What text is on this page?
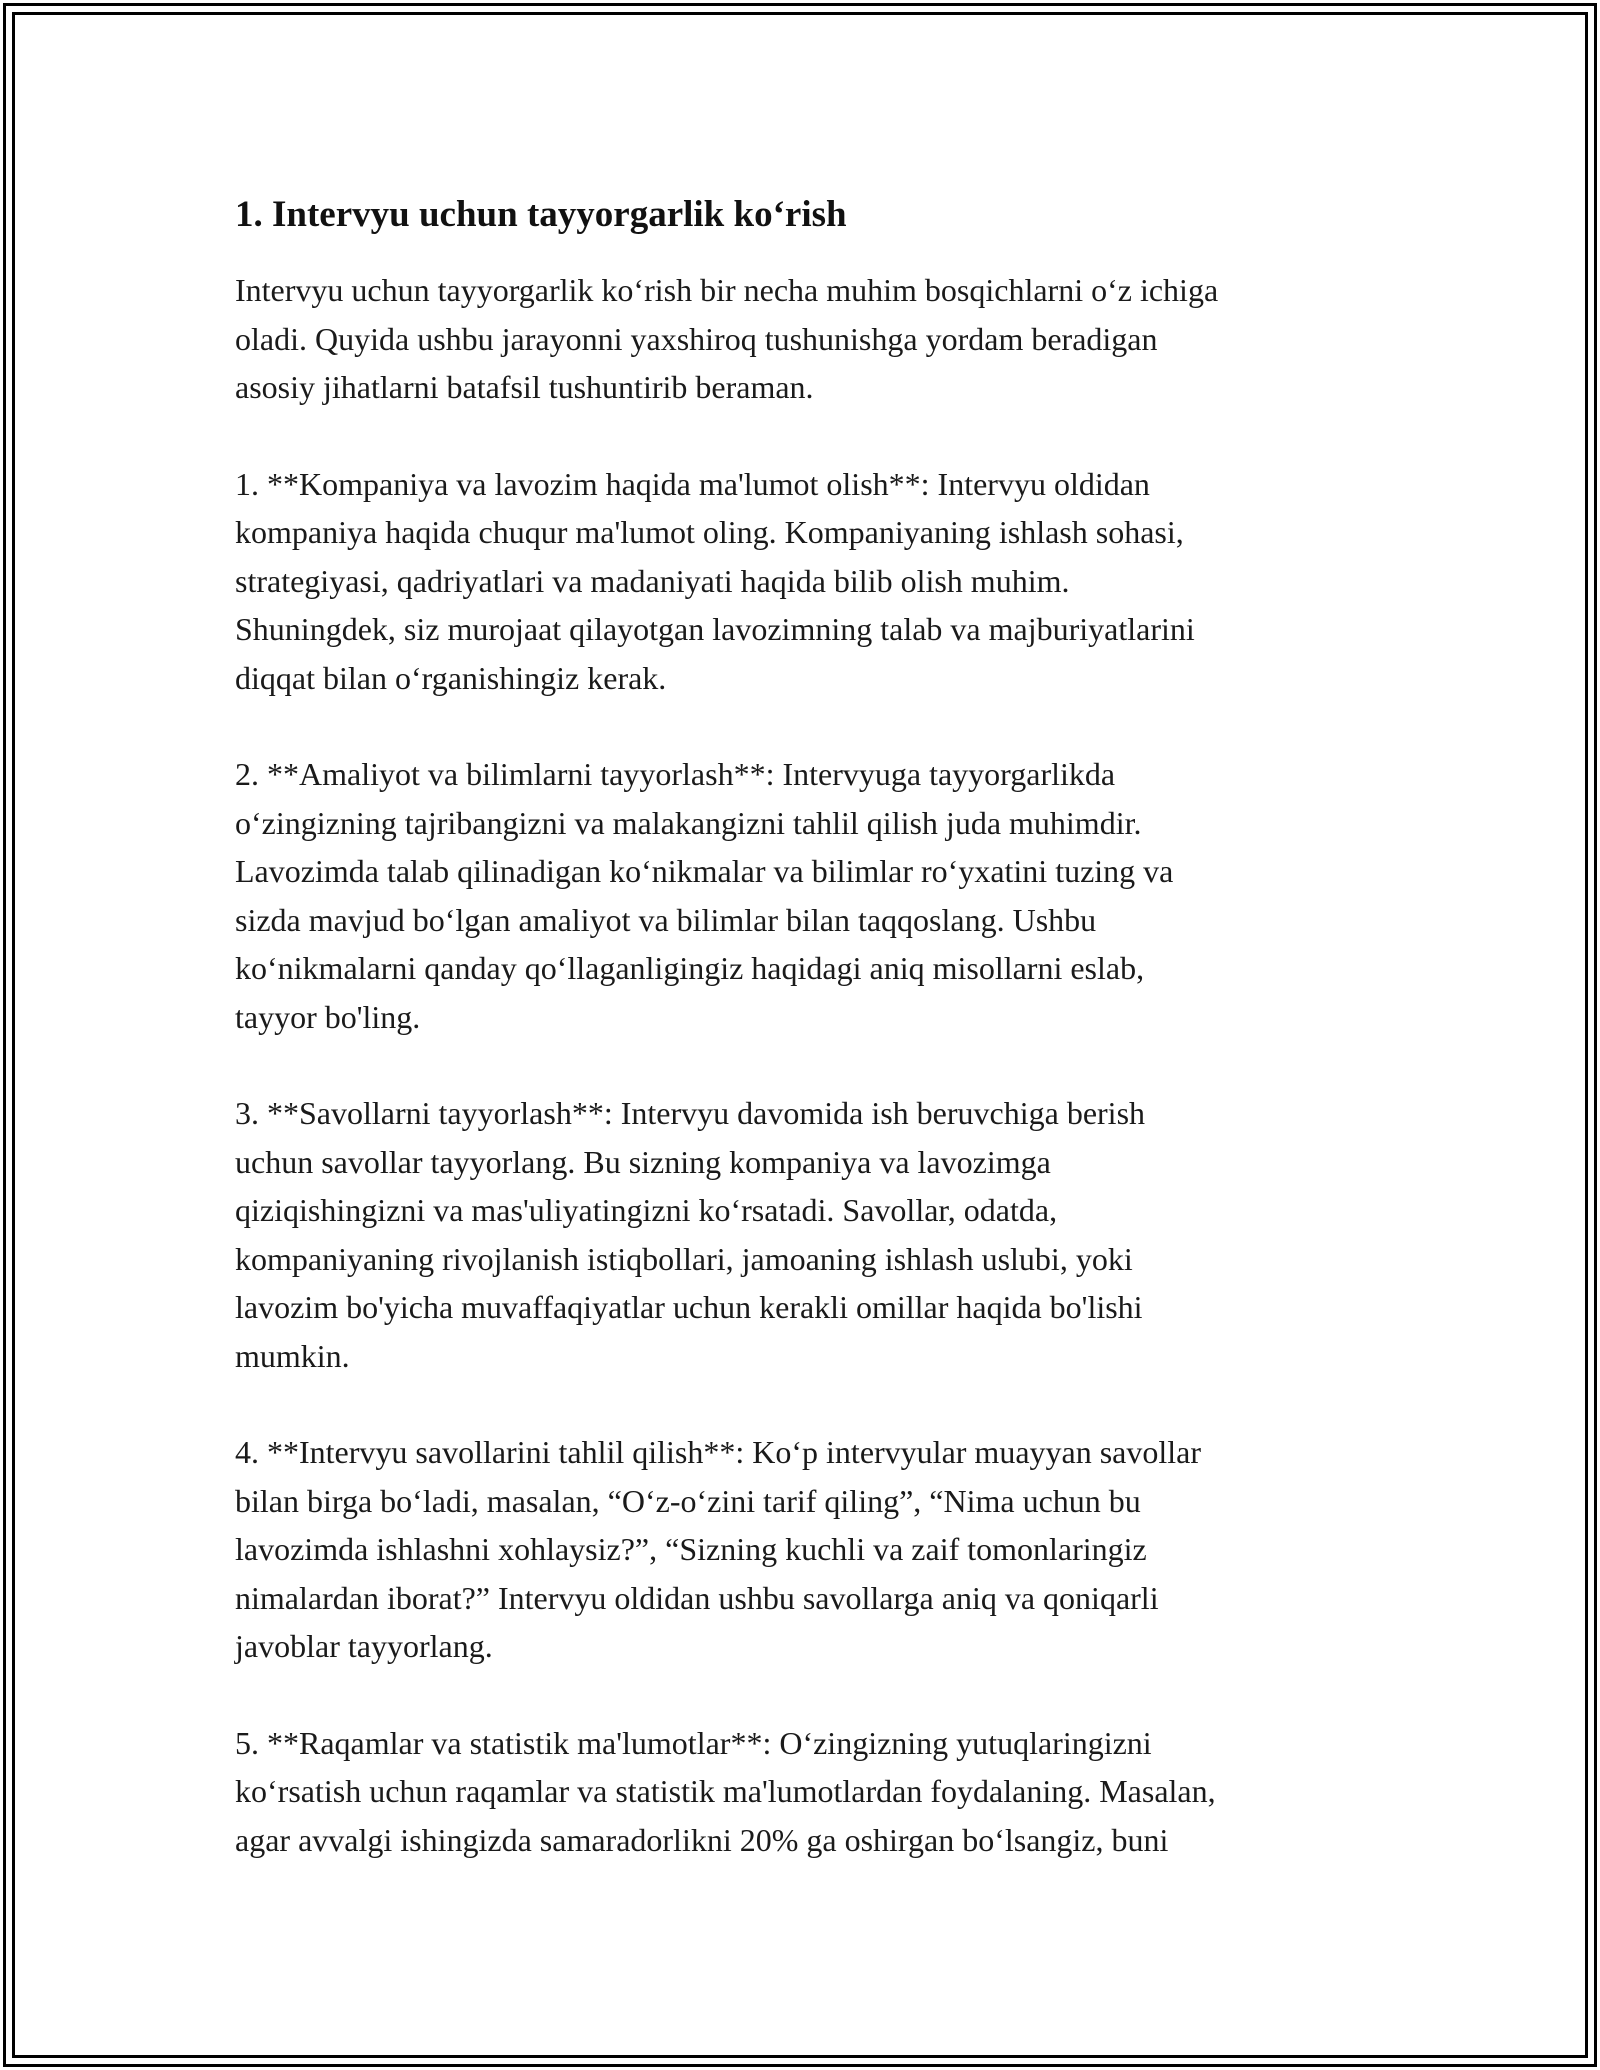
1. Intervyu uchun tayyorgarlik ko‘rish

Intervyu uchun tayyorgarlik ko‘rish bir necha muhim bosqichlarni o‘z ichiga
oladi. Quyida ushbu jarayonni yaxshiroq tushunishga yordam beradigan
asosiy jihatlarni batafsil tushuntirib beraman.

1. **Kompaniya va lavozim haqida ma'lumot olish**: Intervyu oldidan
kompaniya haqida chuqur ma'lumot oling. Kompaniyaning ishlash sohasi,
strategiyasi, qadriyatlari va madaniyati haqida bilib olish muhim.
Shuningdek, siz murojaat qilayotgan lavozimning talab va majburiyatlarini
diqqat bilan o‘rganishingiz kerak.

2. **Amaliyot va bilimlarni tayyorlash**: Intervyuga tayyorgarlikda
o‘zingizning tajribangizni va malakangizni tahlil qilish juda muhimdir.
Lavozimda talab qilinadigan ko‘nikmalar va bilimlar ro‘yxatini tuzing va
sizda mavjud bo‘lgan amaliyot va bilimlar bilan taqqoslang. Ushbu
ko‘nikmalarni qanday qo‘llaganligingiz haqidagi aniq misollarni eslab,
tayyor bo'ling.

3. **Savollarni tayyorlash**: Intervyu davomida ish beruvchiga berish
uchun savollar tayyorlang. Bu sizning kompaniya va lavozimga
qiziqishingizni va mas'uliyatingizni ko‘rsatadi. Savollar, odatda,
kompaniyaning rivojlanish istiqbollari, jamoaning ishlash uslubi, yoki
lavozim bo'yicha muvaffaqiyatlar uchun kerakli omillar haqida bo'lishi
mumkin.

4. **Intervyu savollarini tahlil qilish**: Ko‘p intervyular muayyan savollar
bilan birga bo‘ladi, masalan, “O‘z-o‘zini tarif qiling”, “Nima uchun bu
lavozimda ishlashni xohlaysiz?”, “Sizning kuchli va zaif tomonlaringiz
nimalardan iborat?” Intervyu oldidan ushbu savollarga aniq va qoniqarli
javoblar tayyorlang.

5. **Raqamlar va statistik ma'lumotlar**: O‘zingizning yutuqlaringizni
ko‘rsatish uchun raqamlar va statistik ma'lumotlardan foydalaning. Masalan,
agar avvalgi ishingizda samaradorlikni 20% ga oshirgan bo‘lsangiz, buni
